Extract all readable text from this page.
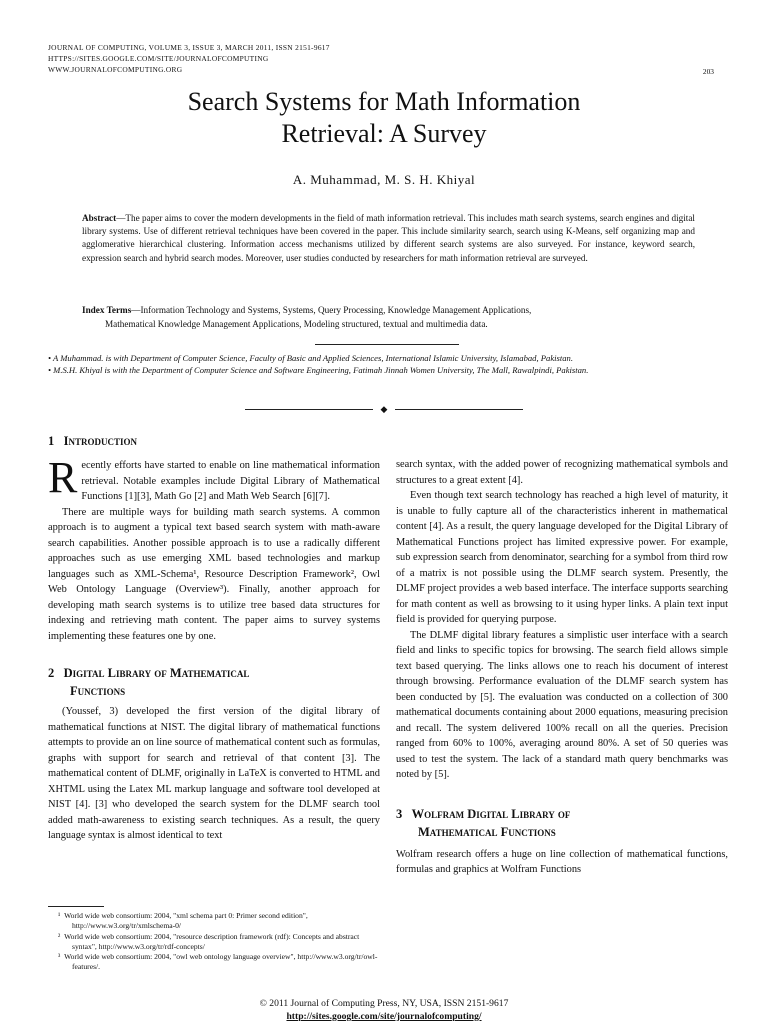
JOURNAL OF COMPUTING, VOLUME 3, ISSUE 3, MARCH 2011, ISSN 2151-9617
HTTPS://SITES.GOOGLE.COM/SITE/JOURNALOFCOMPUTING
WWW.JOURNALOFCOMPUTING.ORG	203
Search Systems for Math Information
Retrieval: A Survey
A. Muhammad, M. S. H. Khiyal
Abstract—The paper aims to cover the modern developments in the field of math information retrieval. This includes math search systems, search engines and digital library systems. Use of different retrieval techniques have been covered in the paper. This include similarity search, search using K-Means, self organizing map and agglomerative hierarchical clustering. Information access mechanisms utilized by different search systems are also surveyed. For instance, keyword search, expression search and hybrid search modes. Moreover, user studies conducted by researchers for math information retrieval are surveyed.
Index Terms—Information Technology and Systems, Systems, Query Processing, Knowledge Management Applications,
Mathematical Knowledge Management Applications, Modeling structured, textual and multimedia data.
• A Muhammad. is with Department of Computer Science, Faculty of Basic and Applied Sciences, International Islamic University, Islamabad, Pakistan.
• M.S.H. Khiyal is with the Department of Computer Science and Software Engineering, Fatimah Jinnah Women University, The Mall, Rawalpindi, Pakistan.
◆
1 Introduction

Recently efforts have started to enable on line mathematical information retrieval. Notable examples include Digital Library of Mathematical Functions [1][3], Math Go [2] and Math Web Search [6][7].

There are multiple ways for building math search systems. A common approach is to augment a typical text based search system with math-aware search capabilities. Another possible approach is to use a radically different approaches such as use emerging XML based technologies and markup languages such as XML-Schema¹, Resource Description Framework², Owl Web Ontology Language (Overview³). Finally, another approach for developing math search systems is to utilize tree based data structures for indexing and retrieving math content. The paper aims to survey systems implementing these features one by one.

2 Digital Library of Mathematical
Functions

(Youssef, 3) developed the first version of the digital library of mathematical functions at NIST. The digital library of mathematical functions attempts to provide an on line source of mathematical content such as formulas, graphs with support for search and retrieval of that content [3]. The mathematical content of DLMF, originally in LaTeX is converted to HTML and XHTML using the Latex ML markup language and software tool developed at NIST [4]. [3] who developed the search system for the DLMF search tool added math-awareness to existing search techniques. As a result, the query language syntax is almost identical to text

search syntax, with the added power of recognizing mathematical symbols and structures to a great extent [4].

Even though text search technology has reached a high level of maturity, it is unable to fully capture all of the characteristics inherent in mathematical content [4]. As a result, the query language developed for the Digital Library of Mathematical Functions project has limited expressive power. For example, sub expression search from denominator, searching for a symbol from third row of a matrix is not possible using the DLMF search system. Presently, the DLMF project provides a web based interface. The interface supports searching for math content as well as browsing to it using hyper links. A plain text input field is provided for querying purpose.

The DLMF digital library features a simplistic user interface with a search field and links to specific topics for browsing. The search field allows simple text based querying. The links allows one to reach his document of interest through browsing. Performance evaluation of the DLMF search system has been conducted by [5]. The evaluation was conducted on a collection of 300 mathematical documents containing about 2000 equations, measuring precision and recall. The system delivered 100% recall on all the queries. Precision ranged from 60% to 100%, averaging around 80%. A set of 50 queries was used to test the system. The lack of a standard math query benchmarks was noted by [5].

3 Wolfram Digital Library of
Mathematical Functions

Wolfram research offers a huge on line collection of mathematical functions, formulas and graphics at Wolfram Functions

¹ World wide web consortium: 2004, "xml schema part 0: Primer second edition", http://www.w3.org/tr/xmlschema-0/
² World wide web consortium: 2004, "resource description framework (rdf): Concepts and abstract syntax", http://www.w3.org/tr/rdf-concepts/
³ World wide web consortium: 2004, "owl web ontology language overview", http://www.w3.org/tr/owl-features/.
© 2011 Journal of Computing Press, NY, USA, ISSN 2151-9617
http://sites.google.com/site/journalofcomputing/
